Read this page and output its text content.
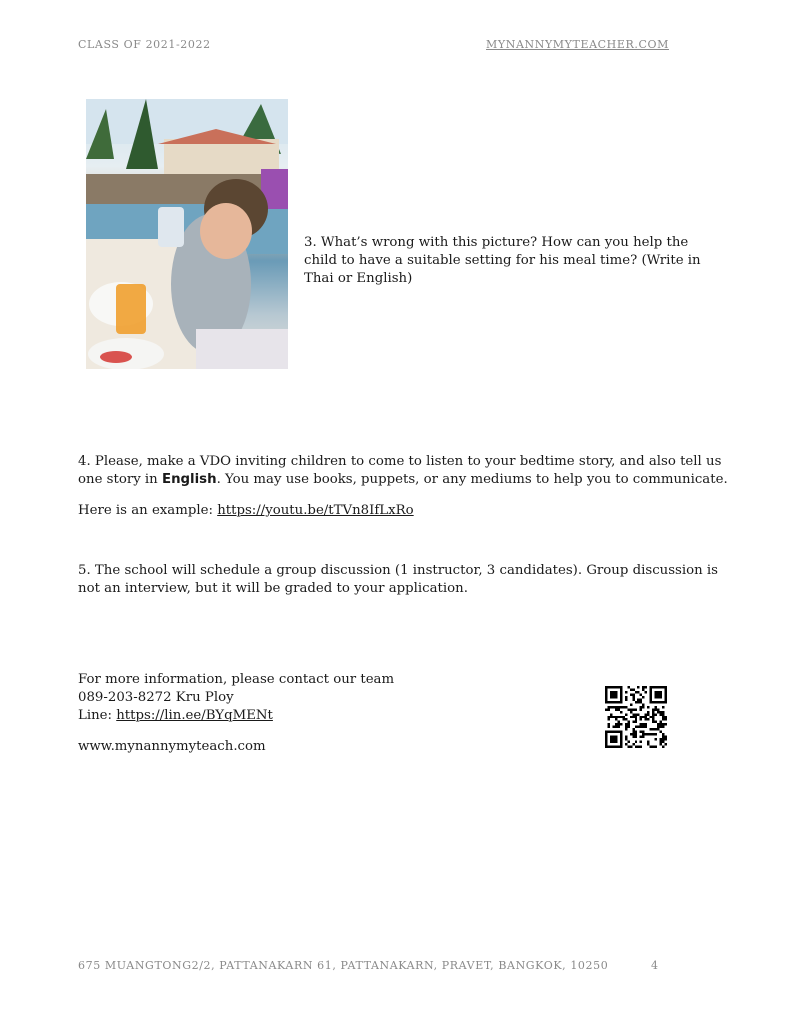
CLASS OF 2021-2022	MYNANNYMYTEACHER.COM
3. What’s wrong with this picture? How can you help the child to have a suitable setting for his meal time? (Write in Thai or English)
4. Please, make a VDO inviting children to come to listen to your bedtime story, and also tell us one story in English. You may use books, puppets, or any mediums to help you to communicate.
Here is an example: https://youtu.be/tTVn8IfLxRo
5. The school will schedule a group discussion (1 instructor, 3 candidates). Group discussion is not an interview, but it will be graded to your application.
For more information, please contact our team
089-203-8272 Kru Ploy
Line: https://lin.ee/BYqMENt
www.mynannymyteach.com
675 MUANGTONG2/2, PATTANAKARN 61, PATTANAKARN, PRAVET, BANGKOK, 10250	4
